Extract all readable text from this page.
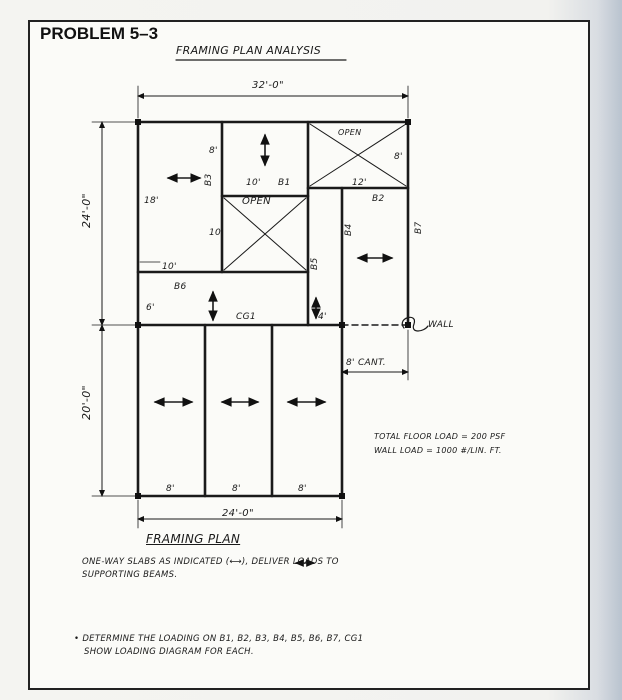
PROBLEM 5–3
FRAMING PLAN ANALYSIS
32'-0"
24'-0"
20'-0"
18'
6'
8'
10'
10'
10'
12'
8'
4'
8' CANT.
OPEN
OPEN
B1
B2
B3
B4
B5
B6
B7
CG1
WALL
8'	8'	8'
24'-0"
TOTAL FLOOR LOAD = 200 PSF
WALL LOAD = 1000 #/LIN. FT.
FRAMING PLAN
ONE-WAY SLABS AS INDICATED (⟷), DELIVER LOADS TO
SUPPORTING BEAMS.
• DETERMINE THE LOADING ON B1, B2, B3, B4, B5, B6, B7, CG1
SHOW LOADING DIAGRAM FOR EACH.
